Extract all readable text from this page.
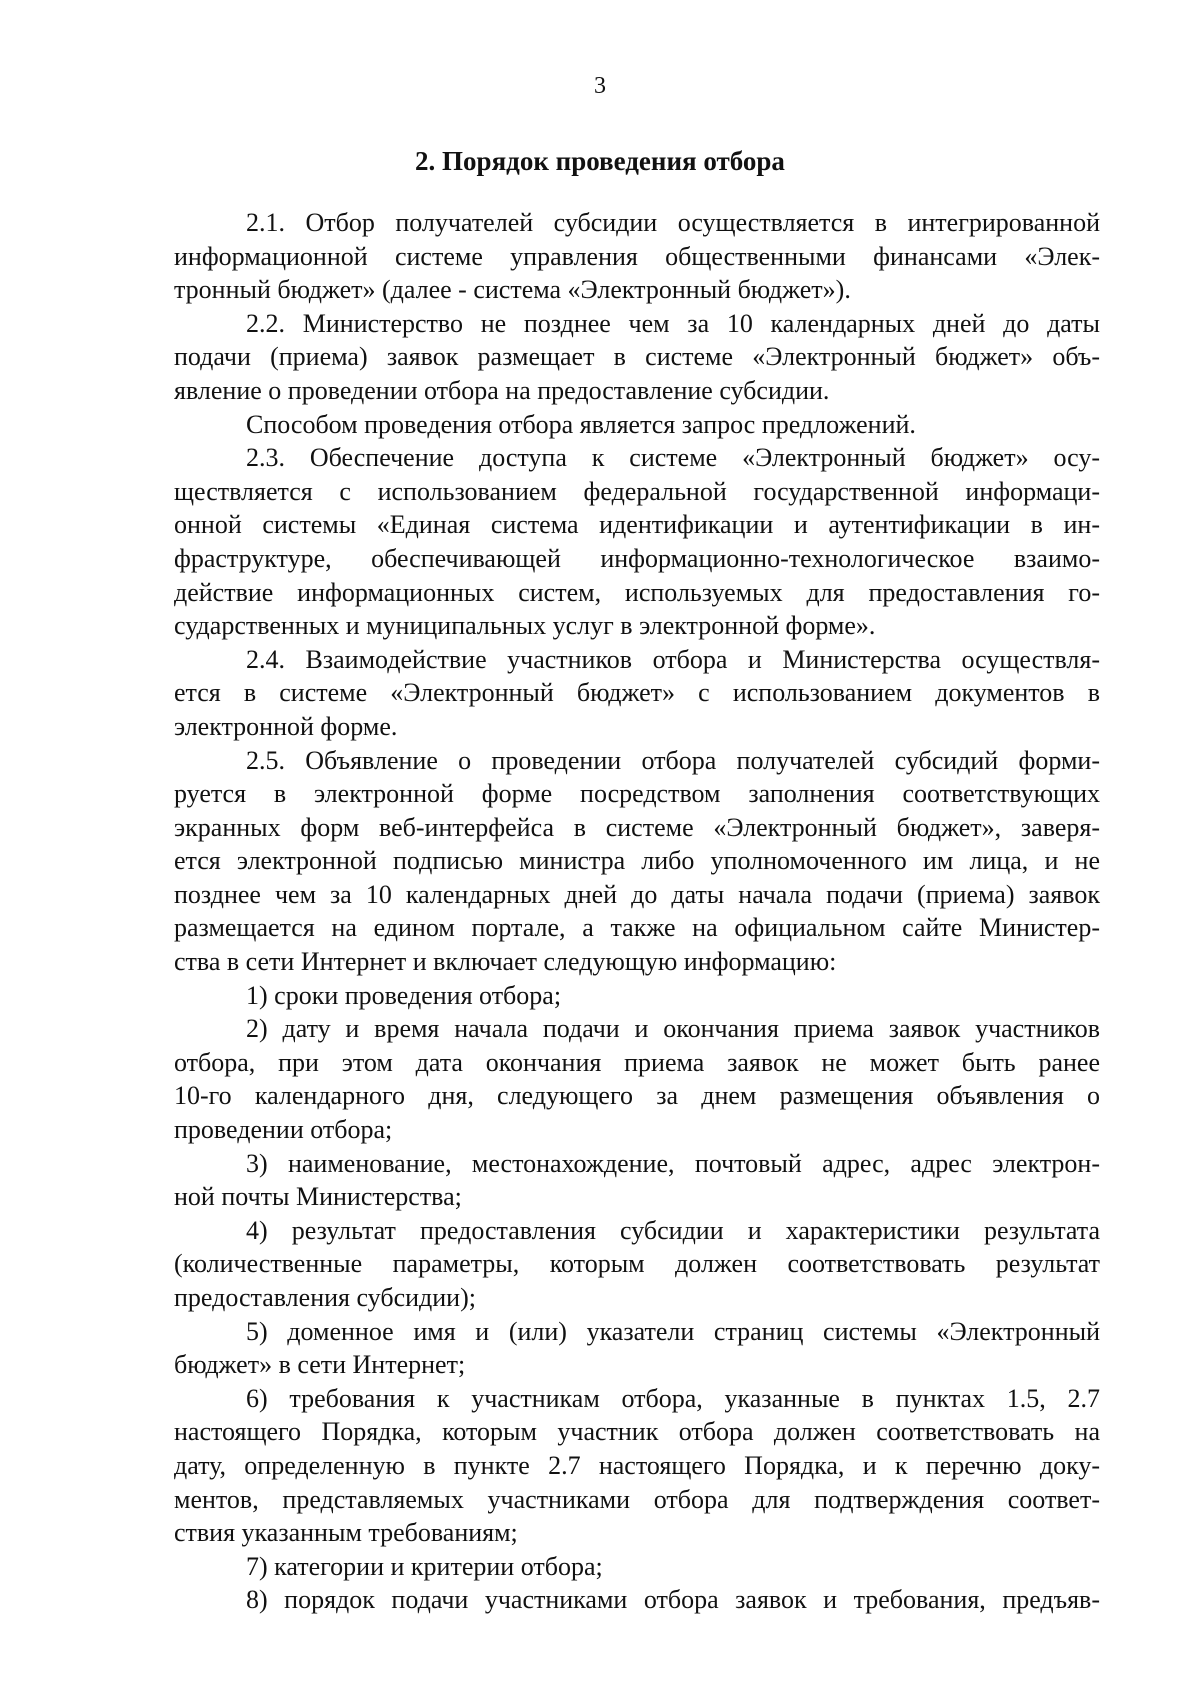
3
2. Порядок проведения отбора
2.1. Отбор получателей субсидии осуществляется в интегрированной
информационной системе управления общественными финансами «Элек-
тронный бюджет» (далее - система «Электронный бюджет»).
2.2. Министерство не позднее чем за 10 календарных дней до даты
подачи (приема) заявок размещает в системе «Электронный бюджет» объ-
явление о проведении отбора на предоставление субсидии.
Способом проведения отбора является запрос предложений.
2.3. Обеспечение доступа к системе «Электронный бюджет» осу-
ществляется с использованием федеральной государственной информаци-
онной системы «Единая система идентификации и аутентификации в ин-
фраструктуре, обеспечивающей информационно-технологическое взаимо-
действие информационных систем, используемых для предоставления го-
сударственных и муниципальных услуг в электронной форме».
2.4. Взаимодействие участников отбора и Министерства осуществля-
ется в системе «Электронный бюджет» с использованием документов в
электронной форме.
2.5. Объявление о проведении отбора получателей субсидий форми-
руется в электронной форме посредством заполнения соответствующих
экранных форм веб-интерфейса в системе «Электронный бюджет», заверя-
ется электронной подписью министра либо уполномоченного им лица, и не
позднее чем за 10 календарных дней до даты начала подачи (приема) заявок
размещается на едином портале, а также на официальном сайте Министер-
ства в сети Интернет и включает следующую информацию:
1) сроки проведения отбора;
2) дату и время начала подачи и окончания приема заявок участников
отбора, при этом дата окончания приема заявок не может быть ранее
10-го календарного дня, следующего за днем размещения объявления о
проведении отбора;
3) наименование, местонахождение, почтовый адрес, адрес электрон-
ной почты Министерства;
4) результат предоставления субсидии и характеристики результата
(количественные параметры, которым должен соответствовать результат
предоставления субсидии);
5) доменное имя и (или) указатели страниц системы «Электронный
бюджет» в сети Интернет;
6) требования к участникам отбора, указанные в пунктах 1.5, 2.7
настоящего Порядка, которым участник отбора должен соответствовать на
дату, определенную в пункте 2.7 настоящего Порядка, и к перечню доку-
ментов, представляемых участниками отбора для подтверждения соответ-
ствия указанным требованиям;
7) категории и критерии отбора;
8) порядок подачи участниками отбора заявок и требования, предъяв-
